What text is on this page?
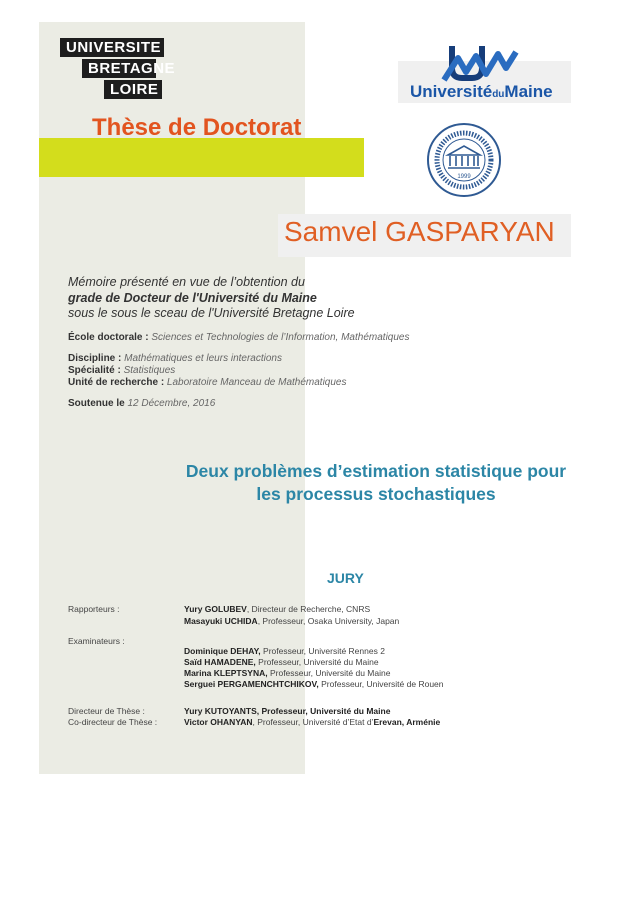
UNIVERSITE
BRETAGNE
LOIRE
Thèse de Doctorat
UniversitéduMaine
1999
Samvel GASPARYAN
Mémoire présenté en vue de l’obtention du
grade de Docteur de l'Université du Maine
sous le sous le sceau de l'Université Bretagne Loire
École doctorale : Sciences et Technologies de l’Information, Mathématiques
Discipline : Mathématiques et leurs interactions
Spécialité : Statistiques
Unité de recherche : Laboratoire Manceau de Mathématiques
Soutenue le 12 Décembre, 2016
Deux problèmes d’estimation statistique pour
les processus stochastiques
JURY
Rapporteurs :	Yury GOLUBEV, Directeur de Recherche, CNRS
Masayuki UCHIDA, Professeur, Osaka University, Japan
Examinateurs :
Dominique DEHAY, Professeur, Université Rennes 2
Saïd HAMADENE, Professeur, Université du Maine
Marina KLEPTSYNA, Professeur, Université du Maine
Serguei PERGAMENCHTCHIKOV, Professeur, Université de Rouen
Directeur de Thèse :	Yury KUTOYANTS, Professeur, Université du Maine
Co-directeur de Thèse :	Victor OHANYAN, Professeur, Université d’Etat d’Erevan, Arménie
